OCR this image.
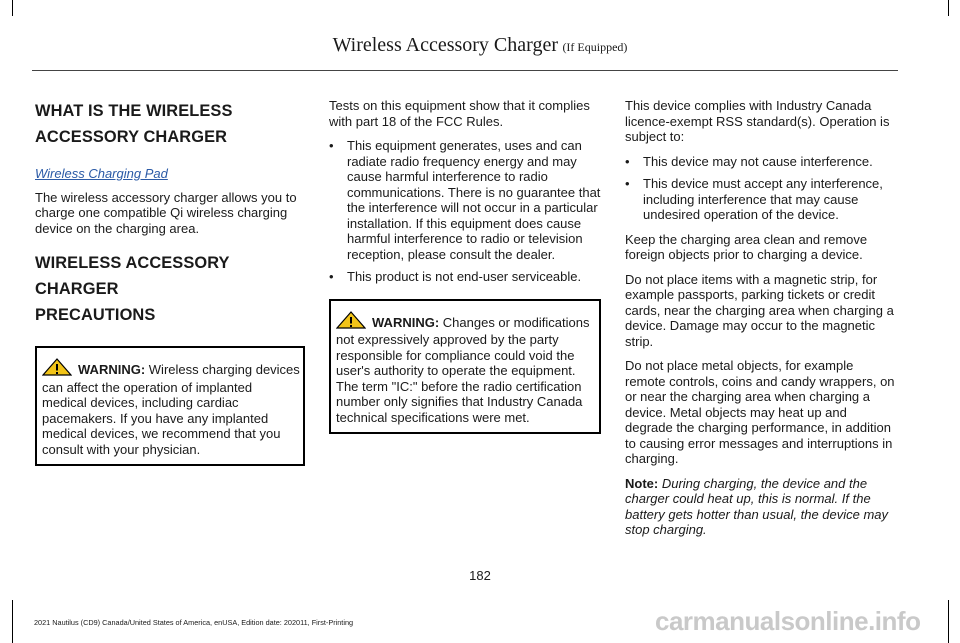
Wireless Accessory Charger (If Equipped)
WHAT IS THE WIRELESS
ACCESSORY CHARGER
Wireless Charging Pad

The wireless accessory charger allows you to charge one compatible Qi wireless charging device on the charging area.

WIRELESS ACCESSORY CHARGER
PRECAUTIONS
WARNING: Wireless charging devices can affect the operation of implanted medical devices, including cardiac pacemakers. If you have any implanted medical devices, we recommend that you consult with your physician.

Tests on this equipment show that it complies with part 18 of the FCC Rules.

• This equipment generates, uses and can radiate radio frequency energy and may cause harmful interference to radio communications. There is no guarantee that the interference will not occur in a particular installation. If this equipment does cause harmful interference to radio or television reception, please consult the dealer.
• This product is not end-user serviceable.
WARNING: Changes or modifications not expressively approved by the party responsible for compliance could void the user's authority to operate the equipment. The term "IC:" before the radio certification number only signifies that Industry Canada technical specifications were met.

This device complies with Industry Canada licence-exempt RSS standard(s). Operation is subject to:

• This device may not cause interference.
• This device must accept any interference, including interference that may cause undesired operation of the device.

Keep the charging area clean and remove foreign objects prior to charging a device.

Do not place items with a magnetic strip, for example passports, parking tickets or credit cards, near the charging area when charging a device. Damage may occur to the magnetic strip.

Do not place metal objects, for example remote controls, coins and candy wrappers, on or near the charging area when charging a device. Metal objects may heat up and degrade the charging performance, in addition to causing error messages and interruptions in charging.

Note: During charging, the device and the charger could heat up, this is normal. If the battery gets hotter than usual, the device may stop charging.

182
2021 Nautilus (CD9) Canada/United States of America, enUSA, Edition date: 202011, First-Printing	carmanualsonline.info
